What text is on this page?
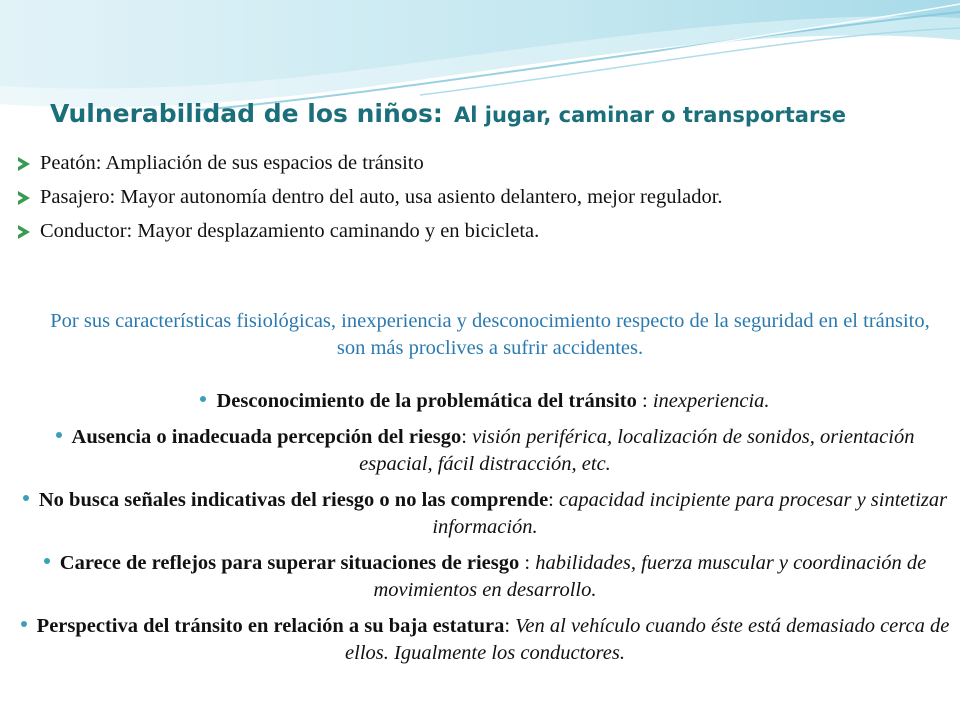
Vulnerabilidad de los niños: Al jugar, caminar o transportarse
Peatón: Ampliación de sus espacios de tránsito
Pasajero: Mayor autonomía dentro del auto, usa asiento delantero, mejor regulador.
Conductor: Mayor desplazamiento caminando y en bicicleta.

Por sus características fisiológicas, inexperiencia y desconocimiento respecto de la seguridad en el tránsito, son más proclives a sufrir accidentes.

Desconocimiento de la problemática del tránsito : inexperiencia.
Ausencia o inadecuada percepción del riesgo: visión periférica, localización de sonidos, orientación espacial, fácil distracción, etc.
No busca señales indicativas del riesgo o no las comprende: capacidad incipiente para procesar y sintetizar información.
Carece de reflejos para superar situaciones de riesgo : habilidades, fuerza muscular y coordinación de movimientos en desarrollo.
Perspectiva del tránsito en relación a su baja estatura: Ven al vehículo cuando éste está demasiado cerca de ellos. Igualmente los conductores.
